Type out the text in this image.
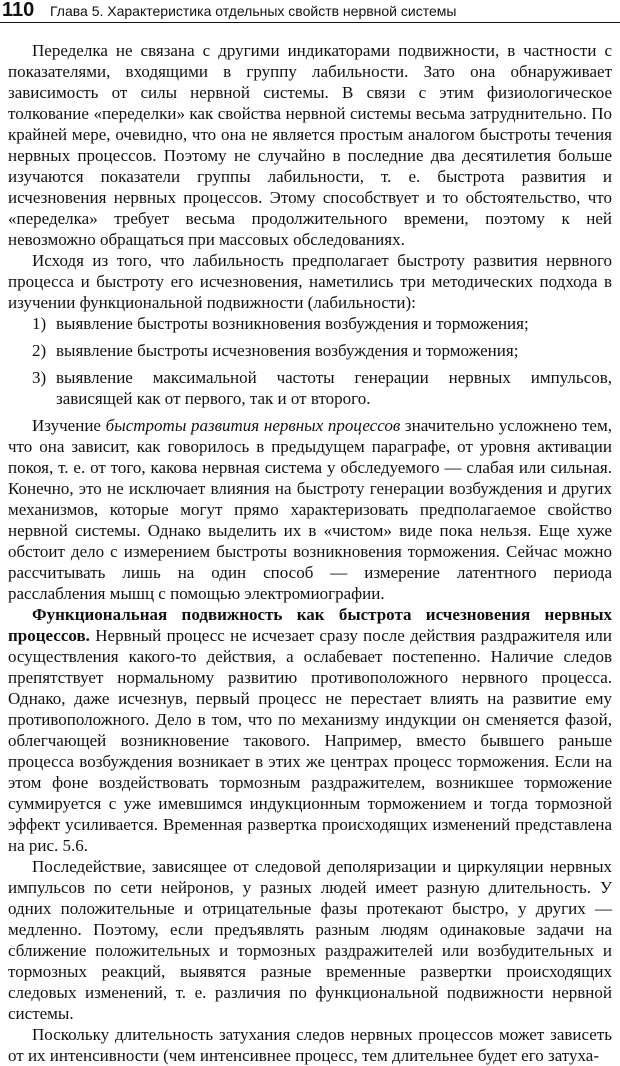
110 Глава 5. Характеристика отдельных свойств нервной системы

Переделка не связана с другими индикаторами подвижности, в частности с показателями, входящими в группу лабильности. Зато она обнаруживает зависимость от силы нервной системы. В связи с этим физиологическое толкование «переделки» как свойства нервной системы весьма затруднительно. По крайней мере, очевидно, что она не является простым аналогом быстроты течения нервных процессов. Поэтому не случайно в последние два десятилетия больше изучаются показатели группы лабильности, т. е. быстрота развития и исчезновения нервных процессов. Этому способствует и то обстоятельство, что «переделка» требует весьма продолжительного времени, поэтому к ней невозможно обращаться при массовых обследованиях.

Исходя из того, что лабильность предполагает быстроту развития нервного процесса и быстроту его исчезновения, наметились три методических подхода в изучении функциональной подвижности (лабильности):

1) выявление быстроты возникновения возбуждения и торможения;
2) выявление быстроты исчезновения возбуждения и торможения;
3) выявление максимальной частоты генерации нервных импульсов, зависящей как от первого, так и от второго.

Изучение быстроты развития нервных процессов значительно усложнено тем, что она зависит, как говорилось в предыдущем параграфе, от уровня активации покоя, т. е. от того, какова нервная система у обследуемого — слабая или сильная. Конечно, это не исключает влияния на быстроту генерации возбуждения и других механизмов, которые могут прямо характеризовать предполагаемое свойство нервной системы. Однако выделить их в «чистом» виде пока нельзя. Еще хуже обстоит дело с измерением быстроты возникновения торможения. Сейчас можно рассчитывать лишь на один способ — измерение латентного периода расслабления мышц с помощью электромиографии.

Функциональная подвижность как быстрота исчезновения нервных процессов. Нервный процесс не исчезает сразу после действия раздражителя или осуществления какого-то действия, а ослабевает постепенно. Наличие следов препятствует нормальному развитию противоположного нервного процесса. Однако, даже исчезнув, первый процесс не перестает влиять на развитие ему противоположного. Дело в том, что по механизму индукции он сменяется фазой, облегчающей возникновение такового. Например, вместо бывшего раньше процесса возбуждения возникает в этих же центрах процесс торможения. Если на этом фоне воздействовать тормозным раздражителем, возникшее торможение суммируется с уже имевшимся индукционным торможением и тогда тормозной эффект усиливается. Временная развертка происходящих изменений представлена на рис. 5.6.

Последействие, зависящее от следовой деполяризации и циркуляции нервных импульсов по сети нейронов, у разных людей имеет разную длительность. У одних положительные и отрицательные фазы протекают быстро, у других — медленно. Поэтому, если предъявлять разным людям одинаковые задачи на сближение положительных и тормозных раздражителей или возбудительных и тормозных реакций, выявятся разные временные развертки происходящих следовых изменений, т. е. различия по функциональной подвижности нервной системы.

Поскольку длительность затухания следов нервных процессов может зависеть от их интенсивности (чем интенсивнее процесс, тем длительнее будет его затуха-
